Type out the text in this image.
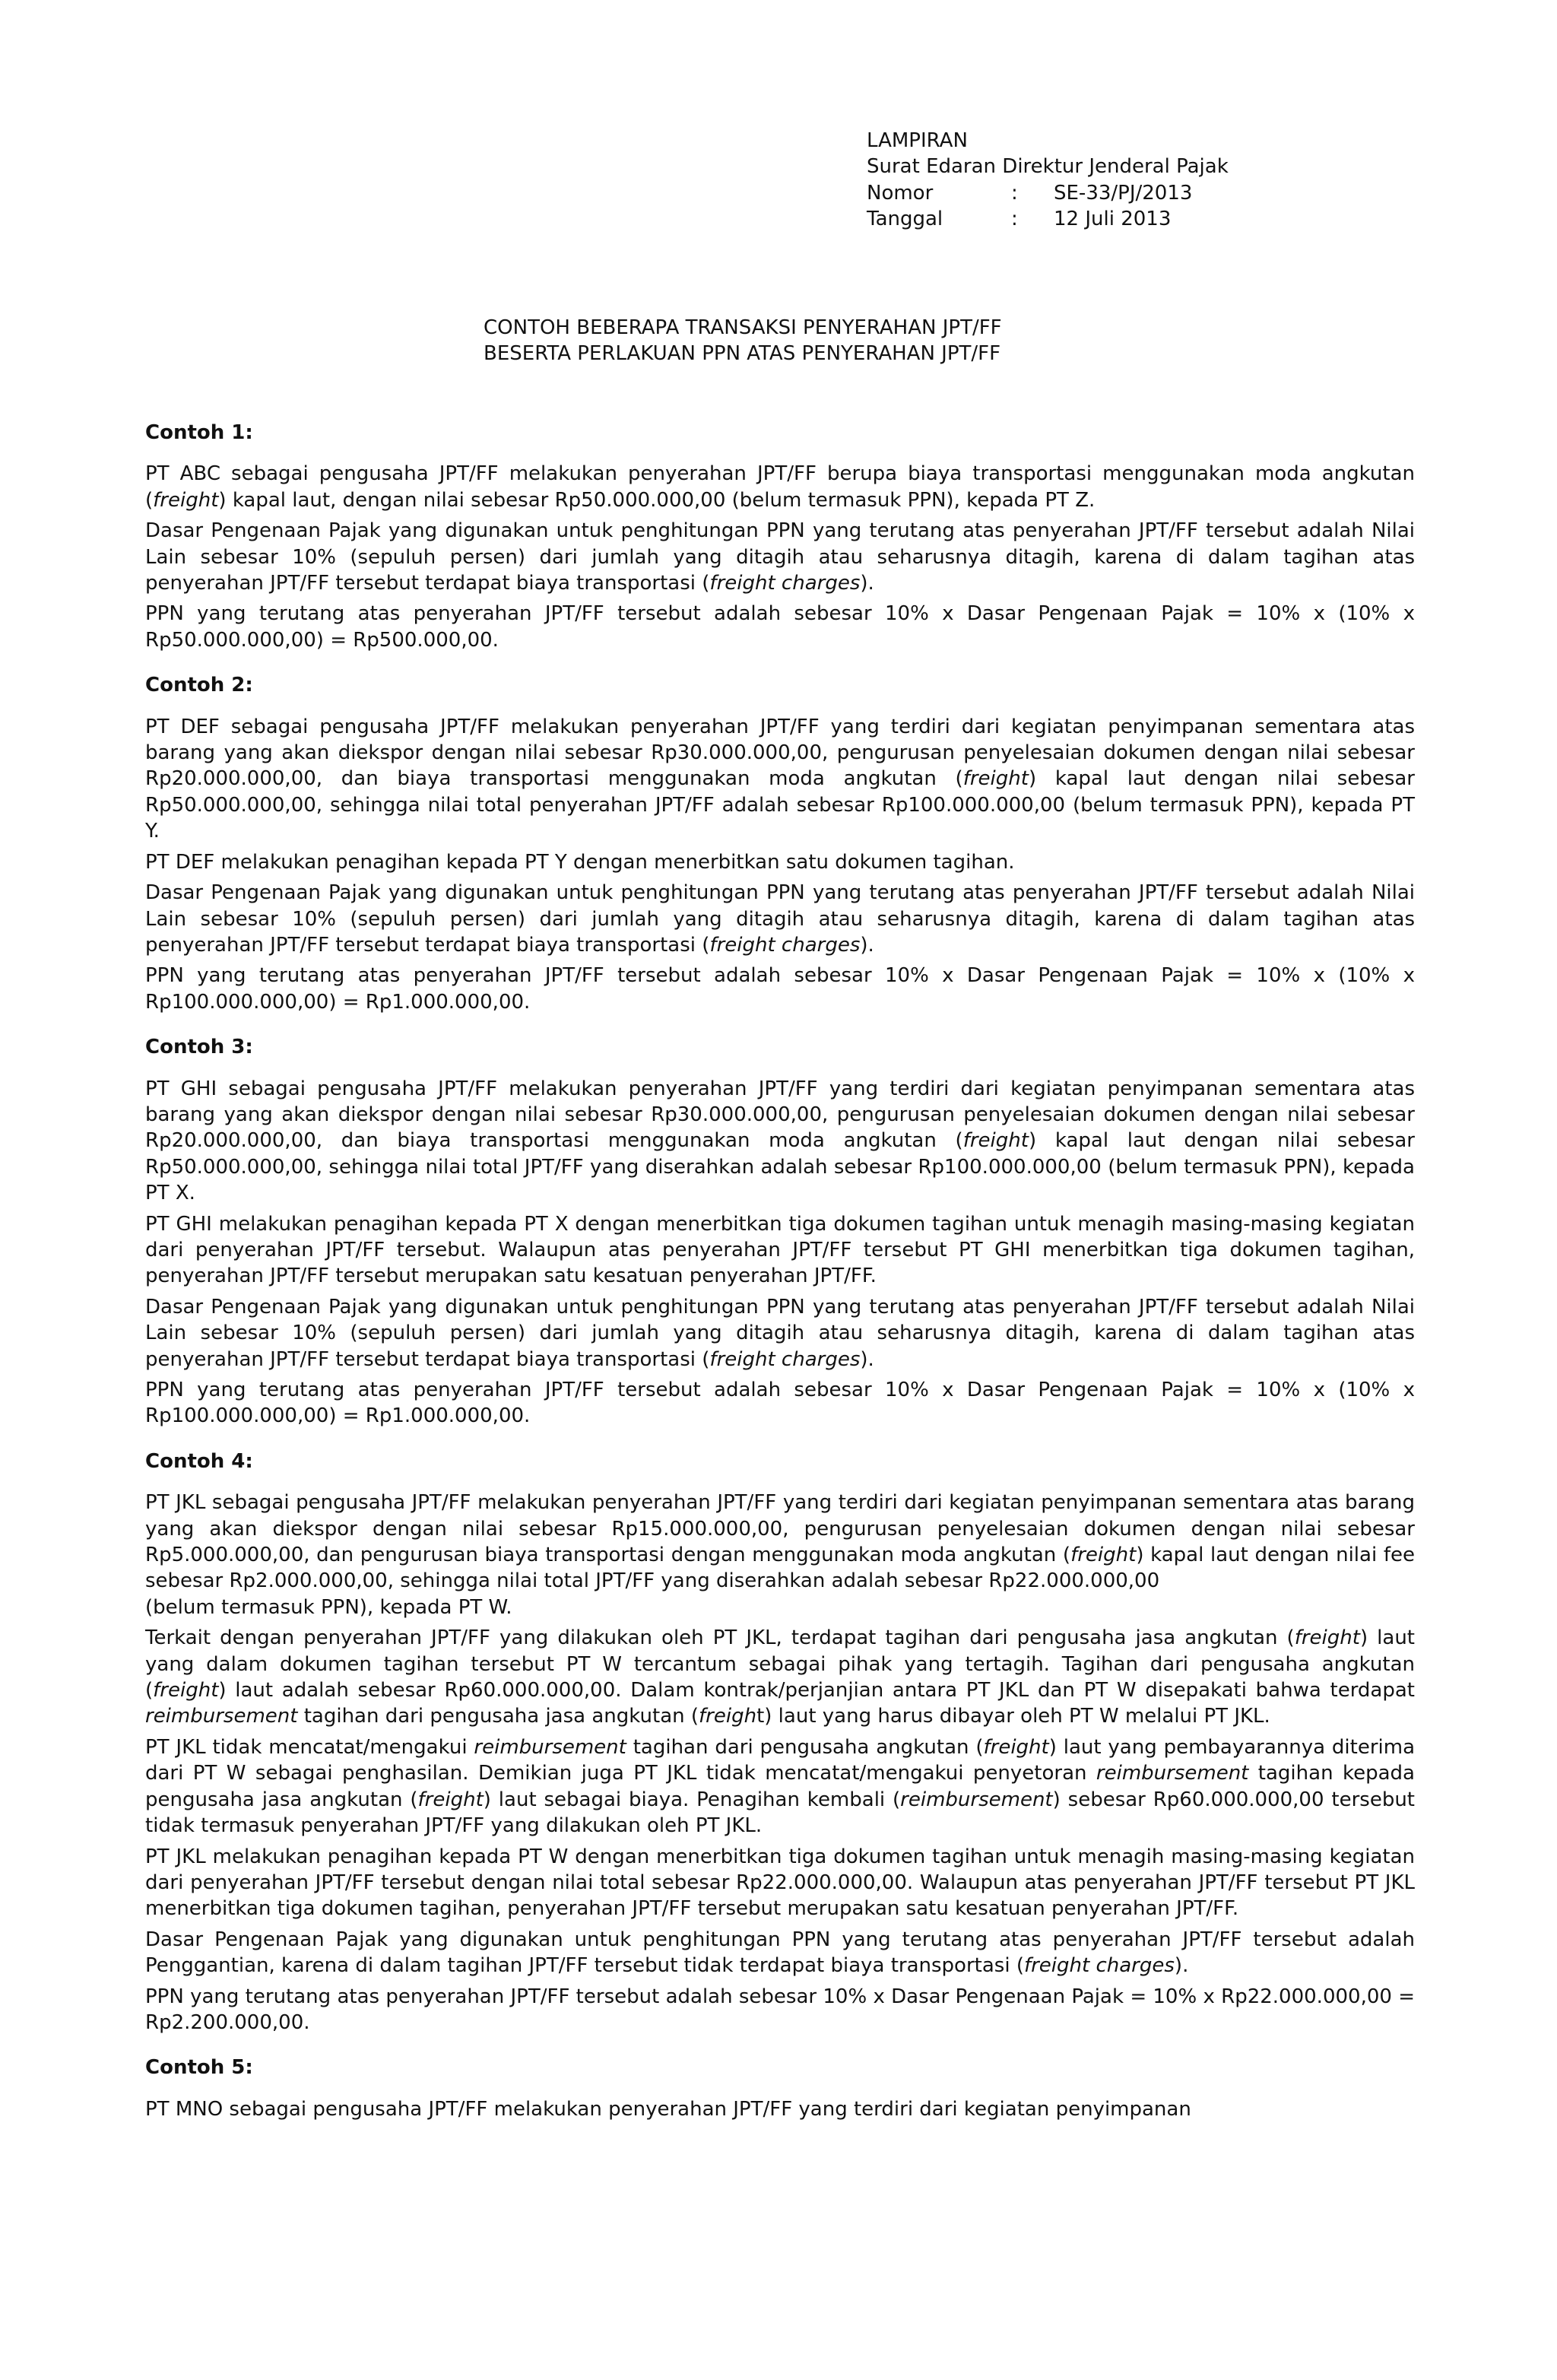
LAMPIRAN
Surat Edaran Direktur Jenderal Pajak
Nomor	:	SE-33/PJ/2013
Tanggal	:	12 Juli 2013
CONTOH BEBERAPA TRANSAKSI PENYERAHAN JPT/FF
BESERTA PERLAKUAN PPN ATAS PENYERAHAN JPT/FF
Contoh 1:

PT ABC sebagai pengusaha JPT/FF melakukan penyerahan JPT/FF berupa biaya transportasi menggunakan moda angkutan (freight) kapal laut, dengan nilai sebesar Rp50.000.000,00 (belum termasuk PPN), kepada PT Z.

Dasar Pengenaan Pajak yang digunakan untuk penghitungan PPN yang terutang atas penyerahan JPT/FF tersebut adalah Nilai Lain sebesar 10% (sepuluh persen) dari jumlah yang ditagih atau seharusnya ditagih, karena di dalam tagihan atas penyerahan JPT/FF tersebut terdapat biaya transportasi (freight charges).

PPN yang terutang atas penyerahan JPT/FF tersebut adalah sebesar 10% x Dasar Pengenaan Pajak = 10% x (10% x Rp50.000.000,00) = Rp500.000,00.

Contoh 2:

PT DEF sebagai pengusaha JPT/FF melakukan penyerahan JPT/FF yang terdiri dari kegiatan penyimpanan sementara atas barang yang akan diekspor dengan nilai sebesar Rp30.000.000,00, pengurusan penyelesaian dokumen dengan nilai sebesar Rp20.000.000,00, dan biaya transportasi menggunakan moda angkutan (freight) kapal laut dengan nilai sebesar Rp50.000.000,00, sehingga nilai total penyerahan JPT/FF adalah sebesar Rp100.000.000,00 (belum termasuk PPN), kepada PT Y.

PT DEF melakukan penagihan kepada PT Y dengan menerbitkan satu dokumen tagihan.

Dasar Pengenaan Pajak yang digunakan untuk penghitungan PPN yang terutang atas penyerahan JPT/FF tersebut adalah Nilai Lain sebesar 10% (sepuluh persen) dari jumlah yang ditagih atau seharusnya ditagih, karena di dalam tagihan atas penyerahan JPT/FF tersebut terdapat biaya transportasi (freight charges).

PPN yang terutang atas penyerahan JPT/FF tersebut adalah sebesar 10% x Dasar Pengenaan Pajak = 10% x (10% x Rp100.000.000,00) = Rp1.000.000,00.

Contoh 3:

PT GHI sebagai pengusaha JPT/FF melakukan penyerahan JPT/FF yang terdiri dari kegiatan penyimpanan sementara atas barang yang akan diekspor dengan nilai sebesar Rp30.000.000,00, pengurusan penyelesaian dokumen dengan nilai sebesar Rp20.000.000,00, dan biaya transportasi menggunakan moda angkutan (freight) kapal laut dengan nilai sebesar Rp50.000.000,00, sehingga nilai total JPT/FF yang diserahkan adalah sebesar Rp100.000.000,00 (belum termasuk PPN), kepada PT X.

PT GHI melakukan penagihan kepada PT X dengan menerbitkan tiga dokumen tagihan untuk menagih masing-masing kegiatan dari penyerahan JPT/FF tersebut. Walaupun atas penyerahan JPT/FF tersebut PT GHI menerbitkan tiga dokumen tagihan, penyerahan JPT/FF tersebut merupakan satu kesatuan penyerahan JPT/FF.

Dasar Pengenaan Pajak yang digunakan untuk penghitungan PPN yang terutang atas penyerahan JPT/FF tersebut adalah Nilai Lain sebesar 10% (sepuluh persen) dari jumlah yang ditagih atau seharusnya ditagih, karena di dalam tagihan atas penyerahan JPT/FF tersebut terdapat biaya transportasi (freight charges).

PPN yang terutang atas penyerahan JPT/FF tersebut adalah sebesar 10% x Dasar Pengenaan Pajak = 10% x (10% x Rp100.000.000,00) = Rp1.000.000,00.

Contoh 4:

PT JKL sebagai pengusaha JPT/FF melakukan penyerahan JPT/FF yang terdiri dari kegiatan penyimpanan sementara atas barang yang akan diekspor dengan nilai sebesar Rp15.000.000,00, pengurusan penyelesaian dokumen dengan nilai sebesar Rp5.000.000,00, dan pengurusan biaya transportasi dengan menggunakan moda angkutan (freight) kapal laut dengan nilai fee sebesar Rp2.000.000,00, sehingga nilai total JPT/FF yang diserahkan adalah sebesar Rp22.000.000,00
(belum termasuk PPN), kepada PT W.

Terkait dengan penyerahan JPT/FF yang dilakukan oleh PT JKL, terdapat tagihan dari pengusaha jasa angkutan (freight) laut yang dalam dokumen tagihan tersebut PT W tercantum sebagai pihak yang tertagih. Tagihan dari pengusaha angkutan (freight) laut adalah sebesar Rp60.000.000,00. Dalam kontrak/perjanjian antara PT JKL dan PT W disepakati bahwa terdapat reimbursement tagihan dari pengusaha jasa angkutan (freight) laut yang harus dibayar oleh PT W melalui PT JKL.

PT JKL tidak mencatat/mengakui reimbursement tagihan dari pengusaha angkutan (freight) laut yang pembayarannya diterima dari PT W sebagai penghasilan. Demikian juga PT JKL tidak mencatat/mengakui penyetoran reimbursement tagihan kepada pengusaha jasa angkutan (freight) laut sebagai biaya. Penagihan kembali (reimbursement) sebesar Rp60.000.000,00 tersebut tidak termasuk penyerahan JPT/FF yang dilakukan oleh PT JKL.

PT JKL melakukan penagihan kepada PT W dengan menerbitkan tiga dokumen tagihan untuk menagih masing-masing kegiatan dari penyerahan JPT/FF tersebut dengan nilai total sebesar Rp22.000.000,00. Walaupun atas penyerahan JPT/FF tersebut PT JKL menerbitkan tiga dokumen tagihan, penyerahan JPT/FF tersebut merupakan satu kesatuan penyerahan JPT/FF.

Dasar Pengenaan Pajak yang digunakan untuk penghitungan PPN yang terutang atas penyerahan JPT/FF tersebut adalah Penggantian, karena di dalam tagihan JPT/FF tersebut tidak terdapat biaya transportasi (freight charges).

PPN yang terutang atas penyerahan JPT/FF tersebut adalah sebesar 10% x Dasar Pengenaan Pajak = 10% x Rp22.000.000,00 = Rp2.200.000,00.

Contoh 5:

PT MNO sebagai pengusaha JPT/FF melakukan penyerahan JPT/FF yang terdiri dari kegiatan penyimpanan
